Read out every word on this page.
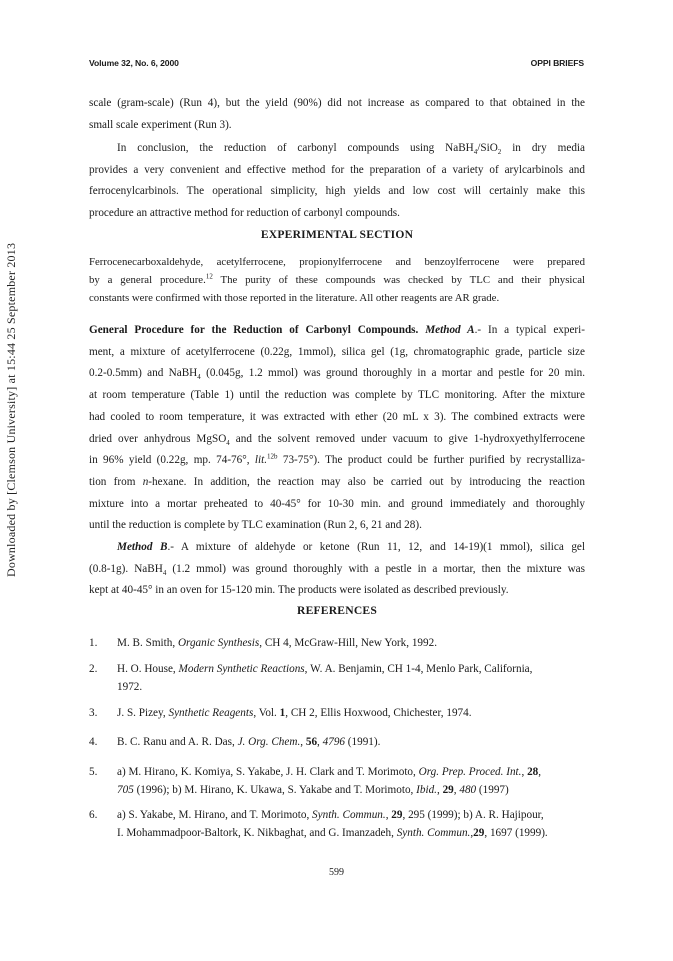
Volume 32, No. 6, 2000	OPPI BRIEFS
Downloaded by [Clemson University] at 15:44 25 September 2013
scale (gram-scale) (Run 4), but the yield (90%) did not increase as compared to that obtained in the
small scale experiment (Run 3).
In conclusion, the reduction of carbonyl compounds using NaBH$_4$/SiO$_2$ in dry media
provides a very convenient and effective method for the preparation of a variety of arylcarbinols and
ferrocenylcarbinols. The operational simplicity, high yields and low cost will certainly make this
procedure an attractive method for reduction of carbonyl compounds.
EXPERIMENTAL SECTION
Ferrocenecarboxaldehyde, acetylferrocene, propionylferrocene and benzoylferrocene were prepared
by a general procedure.$^{12}$ The purity of these compounds was checked by TLC and their physical
constants were confirmed with those reported in the literature. All other reagents are AR grade.
General Procedure for the Reduction of Carbonyl Compounds. Method A.- In a typical experi-
ment, a mixture of acetylferrocene (0.22g, 1mmol), silica gel (1g, chromatographic grade, particle size
0.2-0.5mm) and NaBH$_4$ (0.045g, 1.2 mmol) was ground thoroughly in a mortar and pestle for 20 min.
at room temperature (Table 1) until the reduction was complete by TLC monitoring. After the mixture
had cooled to room temperature, it was extracted with ether (20 mL x 3). The combined extracts were
dried over anhydrous MgSO$_4$ and the solvent removed under vacuum to give 1-hydroxyethylferrocene
in 96% yield (0.22g, mp. 74-76°, lit.$^{12b}$ 73-75°). The product could be further purified by recrystalliza-
tion from n-hexane. In addition, the reaction may also be carried out by introducing the reaction
mixture into a mortar preheated to 40-45° for 10-30 min. and ground immediately and thoroughly
until the reduction is complete by TLC examination (Run 2, 6, 21 and 28).
Method B.- A mixture of aldehyde or ketone (Run 11, 12, and 14-19)(1 mmol), silica gel
(0.8-1g). NaBH$_4$ (1.2 mmol) was ground thoroughly with a pestle in a mortar, then the mixture was
kept at 40-45° in an oven for 15-120 min. The products were isolated as described previously.
REFERENCES
1.	M. B. Smith, Organic Synthesis, CH 4, McGraw-Hill, New York, 1992.
2.	H. O. House, Modern Synthetic Reactions, W. A. Benjamin, CH 1-4, Menlo Park, California,
1972.
3.	J. S. Pizey, Synthetic Reagents, Vol. 1, CH 2, Ellis Hoxwood, Chichester, 1974.
4.	B. C. Ranu and A. R. Das, J. Org. Chem., 56, 4796 (1991).
5.	a) M. Hirano, K. Komiya, S. Yakabe, J. H. Clark and T. Morimoto, Org. Prep. Proced. Int., 28,
705 (1996); b) M. Hirano, K. Ukawa, S. Yakabe and T. Morimoto, Ibid., 29, 480 (1997)
6.	a) S. Yakabe, M. Hirano, and T. Morimoto, Synth. Commun., 29, 295 (1999); b) A. R. Hajipour,
I. Mohammadpoor-Baltork, K. Nikbaghat, and G. Imanzadeh, Synth. Commun.,29, 1697 (1999).
599
